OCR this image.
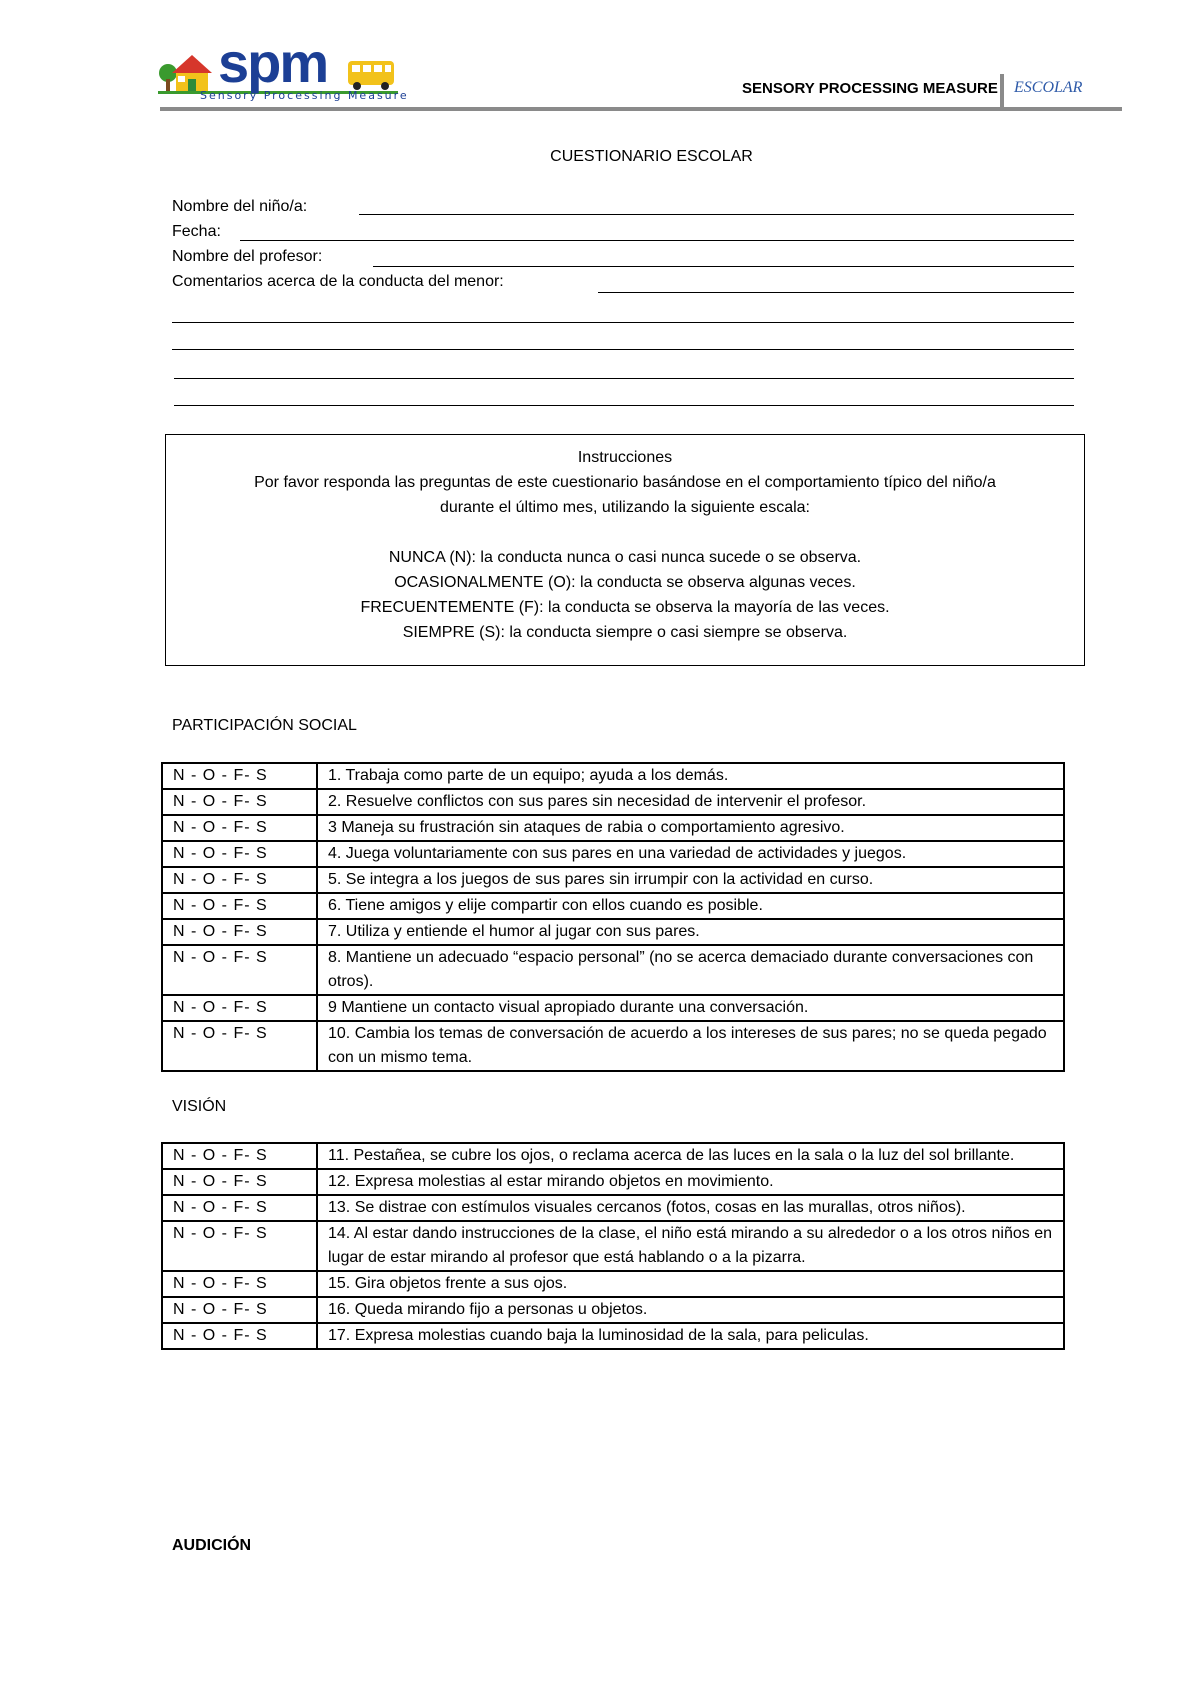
spm
Sensory Processing Measure	SENSORY PROCESSING MEASURE ESCOLAR
CUESTIONARIO ESCOLAR
Nombre del niño/a:
Fecha:
Nombre del profesor:
Comentarios acerca de la conducta del menor:

Instrucciones

Por favor responda las preguntas de este cuestionario basándose en el comportamiento típico del niño/a

durante el último mes, utilizando la siguiente escala:

NUNCA (N): la conducta nunca o casi nunca sucede o se observa.

OCASIONALMENTE (O): la conducta se observa algunas veces.

FRECUENTEMENTE (F): la conducta se observa la mayoría de las veces.

SIEMPRE (S): la conducta siempre o casi siempre se observa.

PARTICIPACIÓN SOCIAL
N - O - F- S	1. Trabaja como parte de un equipo; ayuda a los demás.
N - O - F- S	2. Resuelve conflictos con sus pares sin necesidad de intervenir el profesor.
N - O - F- S	3 Maneja su frustración sin ataques de rabia o comportamiento agresivo.
N - O - F- S	4. Juega voluntariamente con sus pares en una variedad de actividades y juegos.
N - O - F- S	5. Se integra a los juegos de sus pares sin irrumpir con la actividad en curso.
N - O - F- S	6. Tiene amigos y elije compartir con ellos cuando es posible.
N - O - F- S	7. Utiliza y entiende el humor al jugar con sus pares.
N - O - F- S	8. Mantiene un adecuado “espacio personal” (no se acerca demaciado durante conversaciones con otros).
N - O - F- S	9 Mantiene un contacto visual apropiado durante una conversación.
N - O - F- S	10. Cambia los temas de conversación de acuerdo a los intereses de sus pares; no se queda pegado con un mismo tema.
VISIÓN
N - O - F- S	11. Pestañea, se cubre los ojos, o reclama acerca de las luces en la sala o la luz del sol brillante.
N - O - F- S	12. Expresa molestias al estar mirando objetos en movimiento.
N - O - F- S	13. Se distrae con estímulos visuales cercanos (fotos, cosas en las murallas, otros niños).
N - O - F- S	14. Al estar dando instrucciones de la clase, el niño está mirando a su alrededor o a los otros niños en lugar de estar mirando al profesor que está hablando o a la pizarra.
N - O - F- S	15. Gira objetos frente a sus ojos.
N - O - F- S	16. Queda mirando fijo a personas u objetos.
N - O - F- S	17. Expresa molestias cuando baja la luminosidad de la sala, para peliculas.
AUDICIÓN
